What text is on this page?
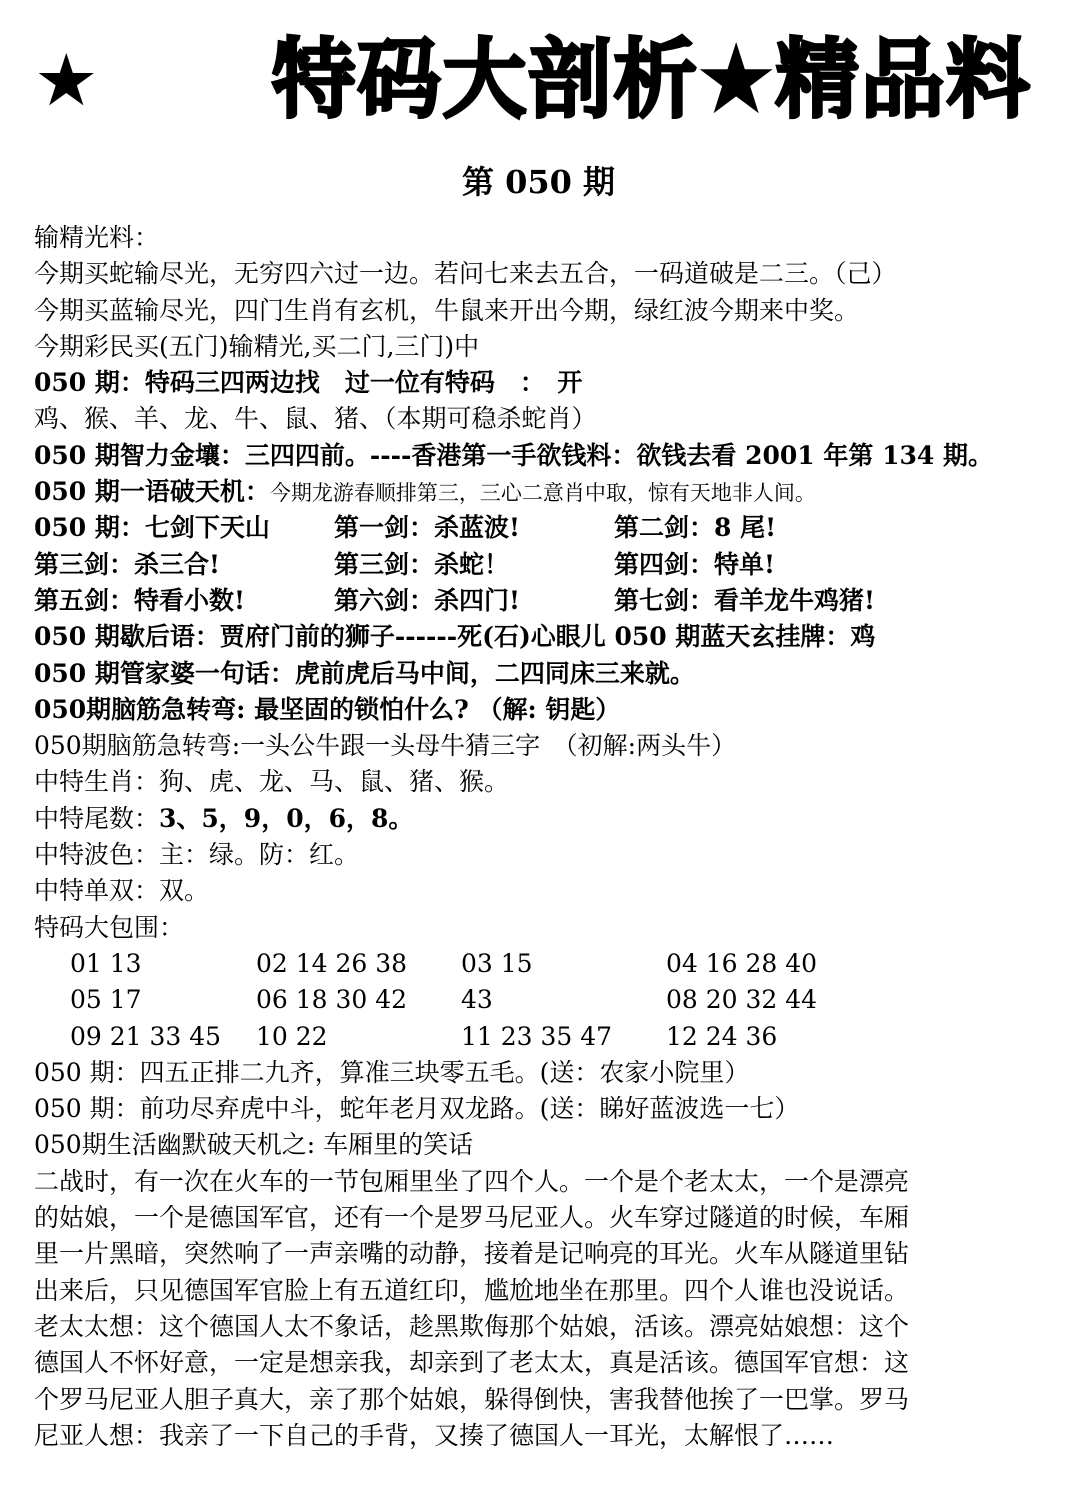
★ 特码大剖析★精品料
第 050 期
输精光料：
今期买蛇输尽光，无穷四六过一边。若问七来去五合，一码道破是二三。（己）
今期买蓝输尽光，四门生肖有玄机，牛鼠来开出今期，绿红波今期来中奖。
今期彩民买(五门)输精光,买二门,三门)中
050 期：特码三四两边找　过一位有特码　：　开
鸡、猴、羊、龙、牛、鼠、猪、（本期可稳杀蛇肖）
050 期智力金壤：三四四前。----香港第一手欲钱料：欲钱去看 2001 年第 134 期。
050 期一语破天机：今期龙游春顺排第三，三心二意肖中取，惊有天地非人间。
050 期：七剑下天山	第一剑：杀蓝波!	第二剑：8 尾!
第三剑：杀三合!	第三剑：杀蛇！	第四剑：特单!
第五剑：特看小数!	第六剑：杀四门!	第七剑：看羊龙牛鸡猪!
050 期歇后语：贾府门前的狮子------死(石)心眼儿 050 期蓝天玄挂牌：鸡
050 期管家婆一句话：虎前虎后马中间，二四同床三来就。
050期脑筋急转弯: 最坚固的锁怕什么? （解: 钥匙）
050期脑筋急转弯:一头公牛跟一头母牛猜三字　（初解:两头牛）
中特生肖：狗、虎、龙、马、鼠、猪、猴。
中特尾数：3、5，9，0，6，8。
中特波色：主：绿。防：红。
中特单双：双。
特码大包围：
01 13	02 14 26 38	03 15	04 16 28 40
05 17	06 18 30 42	43	08 20 32 44
09 21 33 45	10 22	11 23 35 47	12 24 36
050 期：四五正排二九齐，算准三块零五毛。(送：农家小院里）
050 期：前功尽弃虎中斗，蛇年老月双龙路。(送：睇好蓝波选一七）
050期生活幽默破天机之: 车厢里的笑话
二战时，有一次在火车的一节包厢里坐了四个人。一个是个老太太，一个是漂亮
的姑娘，一个是德国军官，还有一个是罗马尼亚人。火车穿过隧道的时候，车厢
里一片黑暗，突然响了一声亲嘴的动静，接着是记响亮的耳光。火车从隧道里钻
出来后，只见德国军官脸上有五道红印，尴尬地坐在那里。四个人谁也没说话。
老太太想：这个德国人太不象话，趁黑欺侮那个姑娘，活该。漂亮姑娘想：这个
德国人不怀好意，一定是想亲我，却亲到了老太太，真是活该。德国军官想：这
个罗马尼亚人胆子真大，亲了那个姑娘，躲得倒快，害我替他挨了一巴掌。罗马
尼亚人想：我亲了一下自己的手背，又揍了德国人一耳光，太解恨了……
